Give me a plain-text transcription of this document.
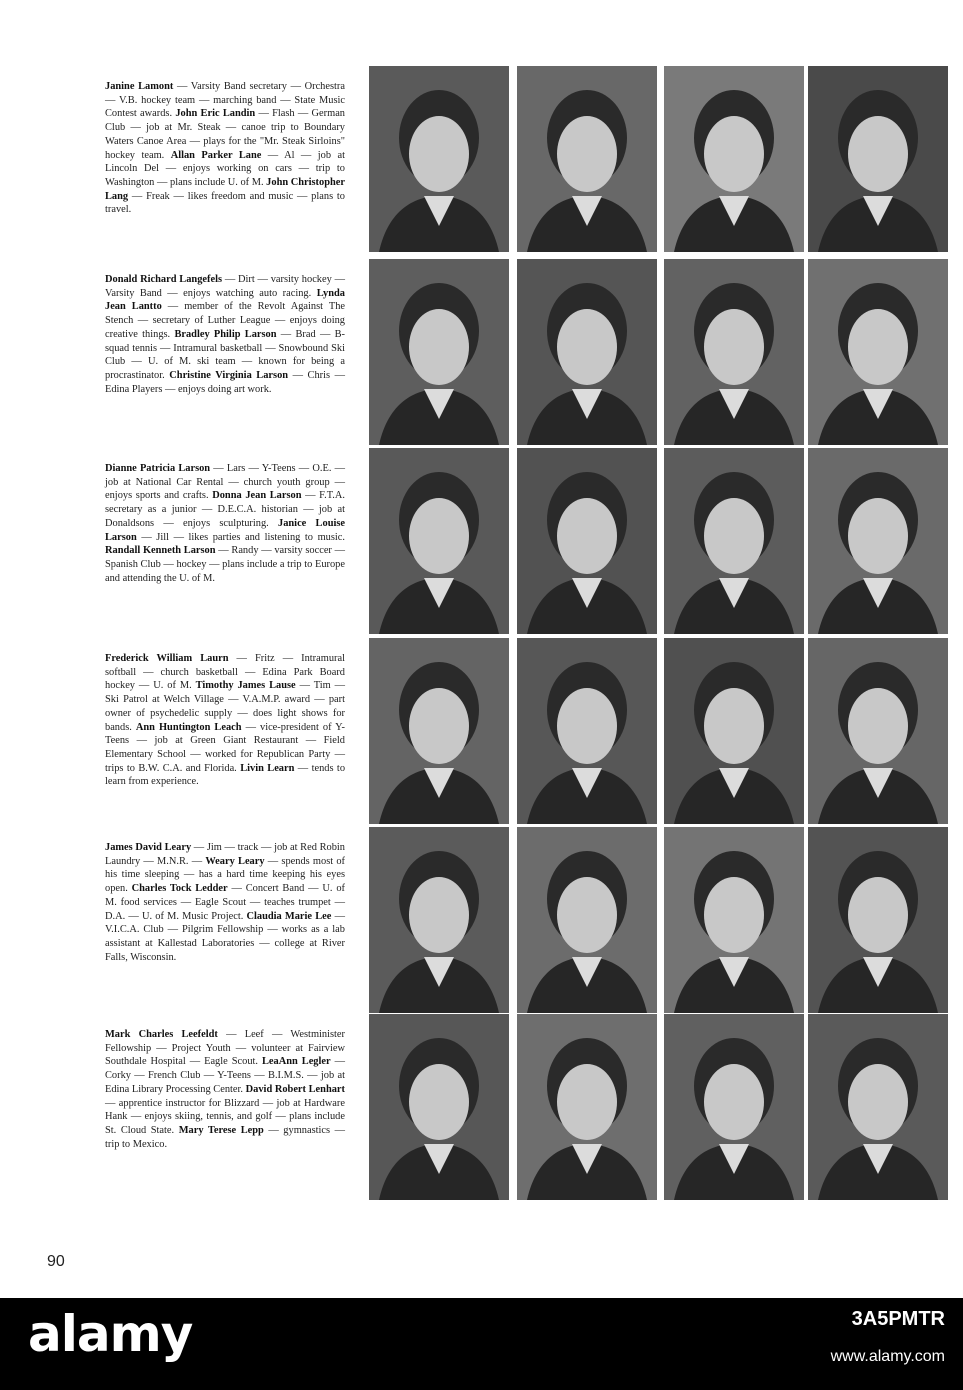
Janine Lamont — Varsity Band secretary — Orchestra — V.B. hockey team — marching band — State Music Contest awards. John Eric Landin — Flash — German Club — job at Mr. Steak — canoe trip to Boundary Waters Canoe Area — plays for the "Mr. Steak Sirloins" hockey team. Allan Parker Lane — Al — job at Lincoln Del — enjoys working on cars — trip to Washington — plans include U. of M. John Christopher Lang — Freak — likes freedom and music — plans to travel.
Donald Richard Langefels — Dirt — varsity hockey — Varsity Band — enjoys watching auto racing. Lynda Jean Lantto — member of the Revolt Against The Stench — secretary of Luther League — enjoys doing creative things. Bradley Philip Larson — Brad — B-squad tennis — Intramural basketball — Snowbound Ski Club — U. of M. ski team — known for being a procrastinator. Christine Virginia Larson — Chris — Edina Players — enjoys doing art work.
Dianne Patricia Larson — Lars — Y-Teens — O.E. — job at National Car Rental — church youth group — enjoys sports and crafts. Donna Jean Larson — F.T.A. secretary as a junior — D.E.C.A. historian — job at Donaldsons — enjoys sculpturing. Janice Louise Larson — Jill — likes parties and listening to music. Randall Kenneth Larson — Randy — varsity soccer — Spanish Club — hockey — plans include a trip to Europe and attending the U. of M.
Frederick William Laurn — Fritz — Intramural softball — church basketball — Edina Park Board hockey — U. of M. Timothy James Lause — Tim — Ski Patrol at Welch Village — V.A.M.P. award — part owner of psychedelic supply — does light shows for bands. Ann Huntington Leach — vice-president of Y-Teens — job at Green Giant Restaurant — Field Elementary School — worked for Republican Party — trips to B.W. C.A. and Florida. Livin Learn — tends to learn from experience.
James David Leary — Jim — track — job at Red Robin Laundry — M.N.R. — Weary Leary — spends most of his time sleeping — has a hard time keeping his eyes open. Charles Tock Ledder — Concert Band — U. of M. food services — Eagle Scout — teaches trumpet — D.A. — U. of M. Music Project. Claudia Marie Lee — V.I.C.A. Club — Pilgrim Fellowship — works as a lab assistant at Kallestad Laboratories — college at River Falls, Wisconsin.
Mark Charles Leefeldt — Leef — Westminister Fellowship — Project Youth — volunteer at Fairview Southdale Hospital — Eagle Scout. LeaAnn Legler — Corky — French Club — Y-Teens — B.I.M.S. — job at Edina Library Processing Center. David Robert Lenhart — apprentice instructor for Blizzard — job at Hardware Hank — enjoys skiing, tennis, and golf — plans include St. Cloud State. Mary Terese Lepp — gymnastics — trip to Mexico.
90
alamy	3A5PMTR
www.alamy.com
